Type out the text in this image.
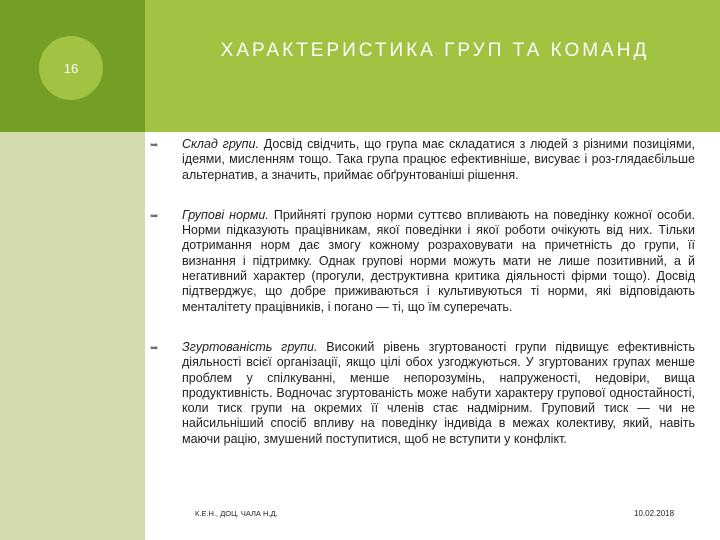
16
ХАРАКТЕРИСТИКА ГРУП ТА КОМАНД
➥	Склад групи. Досвід свідчить, що група має складатися з людей з різними позиціями, ідеями, мисленням тощо. Така група працює ефективніше, висуває і роз-глядаєбільше альтернатив, а значить, приймає обґрунтованіші рішення.
➥	Групові норми. Прийняті групою норми суттєво впливають на поведінку кожної особи. Норми підказують працівникам, якої поведінки і якої роботи очікують від них. Тільки дотримання норм дає змогу кожному розраховувати на причетність до групи, її визнання і підтримку. Однак групові норми можуть мати не лише позитивний, а й негативний характер (прогули, деструктивна критика діяльності фірми тощо). Досвід підтверджує, що добре приживаються і культивуються ті норми, які відповідають менталітету працівників, і погано — ті, що їм суперечать.
➥	Згуртованість групи. Високий рівень згуртованості групи підвищує ефективність діяльності всієї організації, якщо цілі обох узгоджуються. У згуртованих групах менше проблем у спілкуванні, менше непорозумінь, напруженості, недовіри, вища продуктивність. Водночас згуртованість може набути характеру групової одностайності, коли тиск групи на окремих її членів стає надмірним. Груповий тиск — чи не найсильніший спосіб впливу на поведінку індивіда в межах колективу, який, навіть маючи рацію, змушений поступитися, щоб не вступити у конфлікт.
К.Е.Н., ДОЦ. ЧАЛА Н.Д.	10.02.2018
